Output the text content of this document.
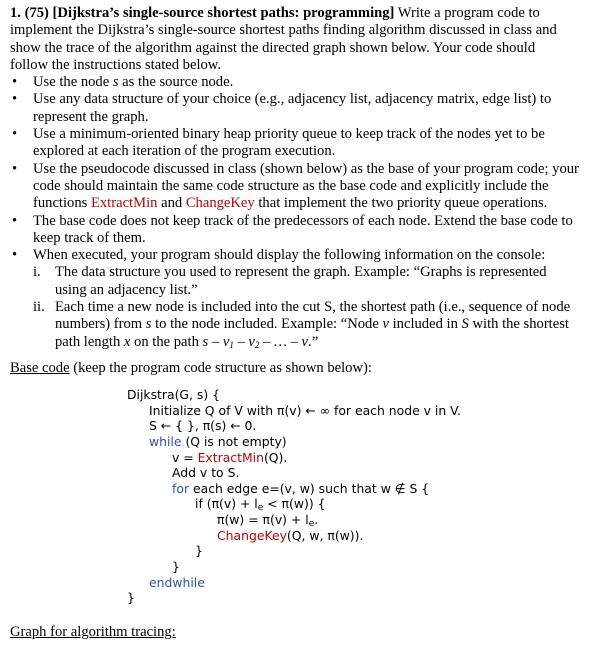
1. (75) [Dijkstra’s single-source shortest paths: programming] Write a program code to
implement the Dijkstra’s single-source shortest paths finding algorithm discussed in class and
show the trace of the algorithm against the directed graph shown below. Your code should
follow the instructions stated below.

• Use the node s as the source node.
• Use any data structure of your choice (e.g., adjacency list, adjacency matrix, edge list) to
represent the graph.
• Use a minimum-oriented binary heap priority queue to keep track of the nodes yet to be
explored at each iteration of the program execution.
• Use the pseudocode discussed in class (shown below) as the base of your program code; your
code should maintain the same code structure as the base code and explicitly include the
functions ExtractMin and ChangeKey that implement the two priority queue operations.
• The base code does not keep track of the predecessors of each node. Extend the base code to
keep track of them.
• When executed, your program should display the following information on the console:
i. The data structure you used to represent the graph. Example: “Graphs is represented
using an adjacency list.”
ii. Each time a new node is included into the cut S, the shortest path (i.e., sequence of node
numbers) from s to the node included. Example: “Node v included in S with the shortest
path length x on the path s – $v_1 - v_2$ – … – v.”

Base code (keep the program code structure as shown below):

Dijkstra(G, s) {
Initialize Q of V with π(v) ← ∞ for each node v in V.
S ← { }, π(s) ← 0.
while (Q is not empty)
v = ExtractMin(Q).
Add v to S.
for each edge e=(v, w) such that w ∉ S {
if $(\pi(v) + l_e < \pi(w))$ {
$\pi(w) = \pi(v) + l_e$.
ChangeKey(Q, w, π(w)).
}
}
endwhile
}
Graph for algorithm tracing:
